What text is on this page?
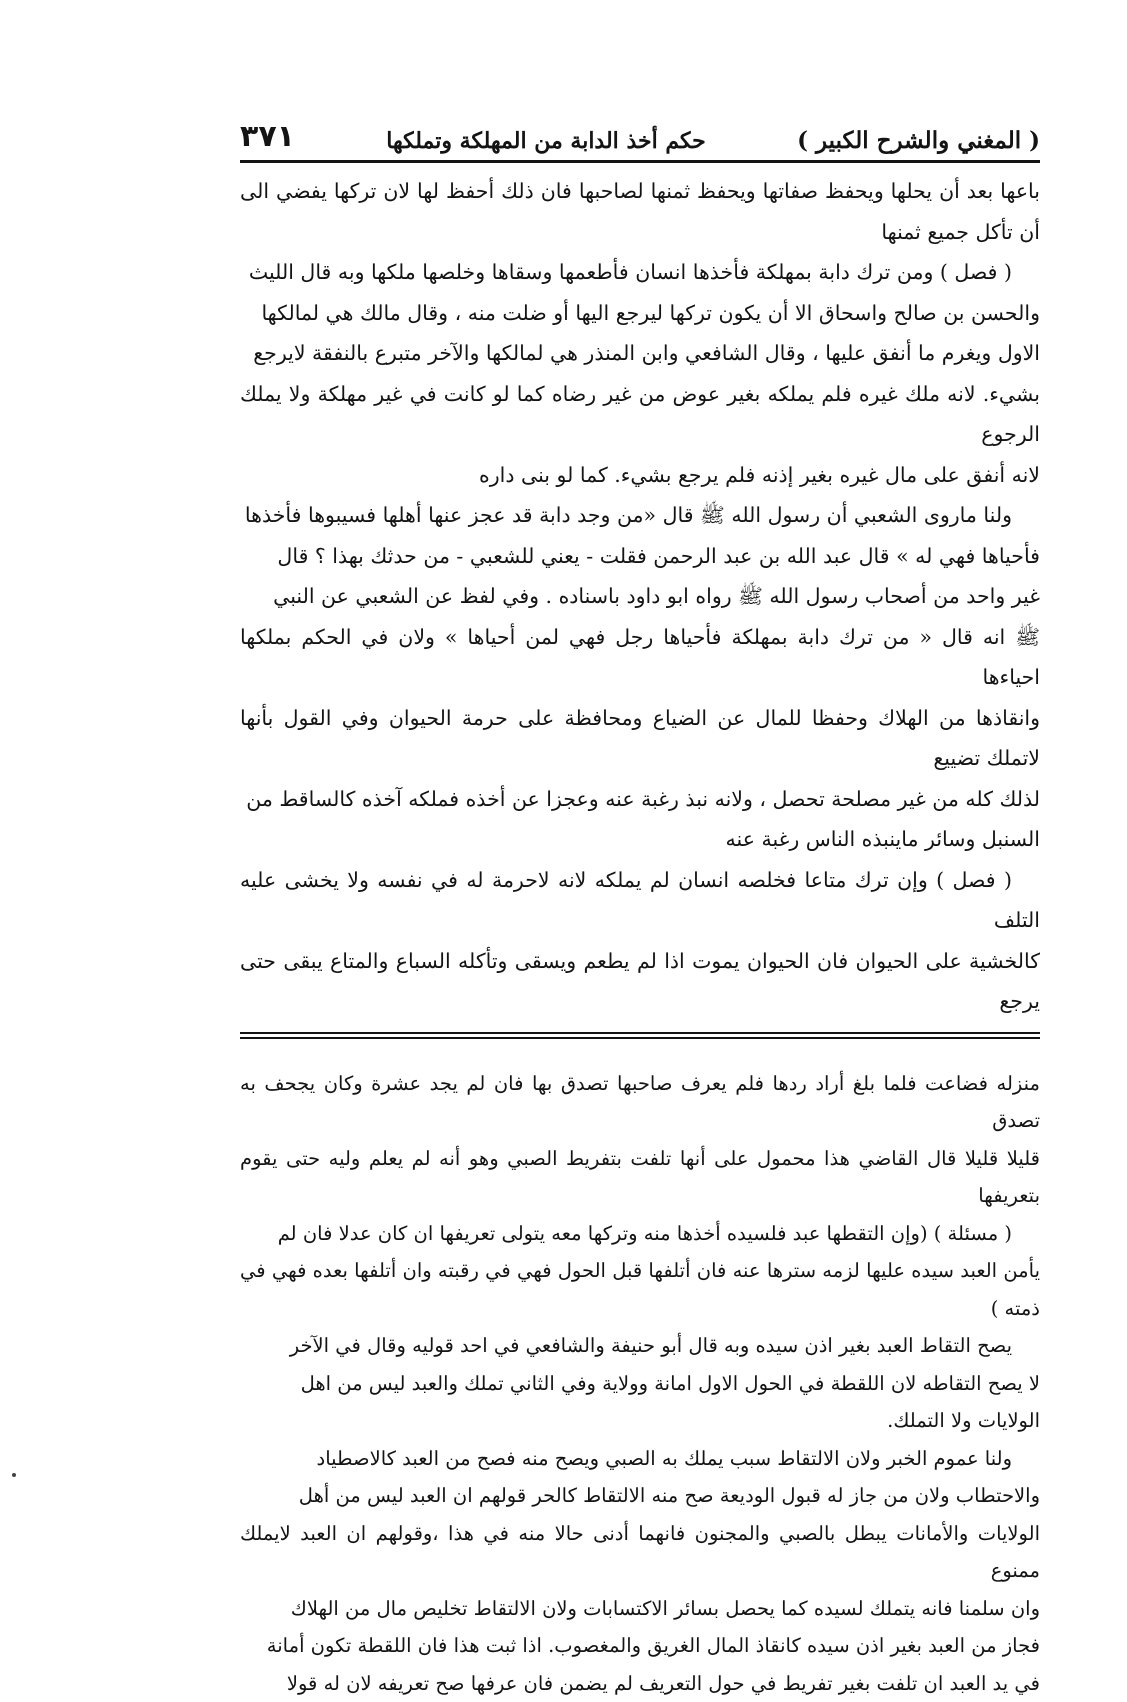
( المغني والشرح الكبير )
حكم أخذ الدابة من المهلكة وتملكها
٣٧١

باعها بعد أن يحلها ويحفظ صفاتها ويحفظ ثمنها لصاحبها فان ذلك أحفظ لها لان تركها يفضي الى أن تأكل جميع ثمنها

( فصل ) ومن ترك دابة بمهلكة فأخذها انسان فأطعمها وسقاها وخلصها ملكها وبه قال الليث

والحسن بن صالح واسحاق الا أن يكون تركها ليرجع اليها أو ضلت منه ، وقال مالك هي لمالكها

الاول ويغرم ما أنفق عليها ، وقال الشافعي وابن المنذر هي لمالكها والآخر متبرع بالنفقة لايرجع

بشيء. لانه ملك غيره فلم يملكه بغير عوض من غير رضاه كما لو كانت في غير مهلكة ولا يملك الرجوع

لانه أنفق على مال غيره بغير إذنه فلم يرجع بشيء. كما لو بنى داره

ولنا ماروى الشعبي أن رسول الله ﷺ قال «من وجد دابة قد عجز عنها أهلها فسيبوها فأخذها

فأحياها فهي له » قال عبد الله بن عبد الرحمن فقلت - يعني للشعبي - من حدثك بهذا ؟ قال

غير واحد من أصحاب رسول الله ﷺ رواه ابو داود باسناده . وفي لفظ عن الشعبي عن النبي

ﷺ انه قال « من ترك دابة بمهلكة فأحياها رجل فهي لمن أحياها » ولان في الحكم بملكها احياءها

وانقاذها من الهلاك وحفظا للمال عن الضياع ومحافظة على حرمة الحيوان وفي القول بأنها لاتملك تضييع

لذلك كله من غير مصلحة تحصل ، ولانه نبذ رغبة عنه وعجزا عن أخذه فملكه آخذه كالساقط من

السنبل وسائر ماينبذه الناس رغبة عنه

( فصل ) وإن ترك متاعا فخلصه انسان لم يملكه لانه لاحرمة له في نفسه ولا يخشى عليه التلف

كالخشية على الحيوان فان الحيوان يموت اذا لم يطعم ويسقى وتأكله السباع والمتاع يبقى حتى يرجع

منزله فضاعت فلما بلغ أراد ردها فلم يعرف صاحبها تصدق بها فان لم يجد عشرة وكان يجحف به تصدق

قليلا قليلا قال القاضي هذا محمول على أنها تلفت بتفريط الصبي وهو أنه لم يعلم وليه حتى يقوم بتعريفها

( مسئلة ) (وإن التقطها عبد فلسيده أخذها منه وتركها معه يتولى تعريفها ان كان عدلا فان لم

يأمن العبد سيده عليها لزمه سترها عنه فان أتلفها قبل الحول فهي في رقبته وان أتلفها بعده فهي في ذمته )

يصح التقاط العبد بغير اذن سيده وبه قال أبو حنيفة والشافعي في احد قوليه وقال في الآخر

لا يصح التقاطه لان اللقطة في الحول الاول امانة وولاية وفي الثاني تملك والعبد ليس من اهل

الولايات ولا التملك.

ولنا عموم الخبر ولان الالتقاط سبب يملك به الصبي ويصح منه فصح من العبد كالاصطياد

والاحتطاب ولان من جاز له قبول الوديعة صح منه الالتقاط كالحر قولهم ان العبد ليس من أهل

الولايات والأمانات يبطل بالصبي والمجنون فانهما أدنى حالا منه في هذا ،وقولهم ان العبد لايملك ممنوع

وان سلمنا فانه يتملك لسيده كما يحصل بسائر الاكتسابات ولان الالتقاط تخليص مال من الهلاك

فجاز من العبد بغير اذن سيده كانقاذ المال الغريق والمغصوب. اذا ثبت هذا فان اللقطة تكون أمانة

في يد العبد ان تلفت بغير تفريط في حول التعريف لم يضمن فان عرفها صح تعريفه لان له قولا
